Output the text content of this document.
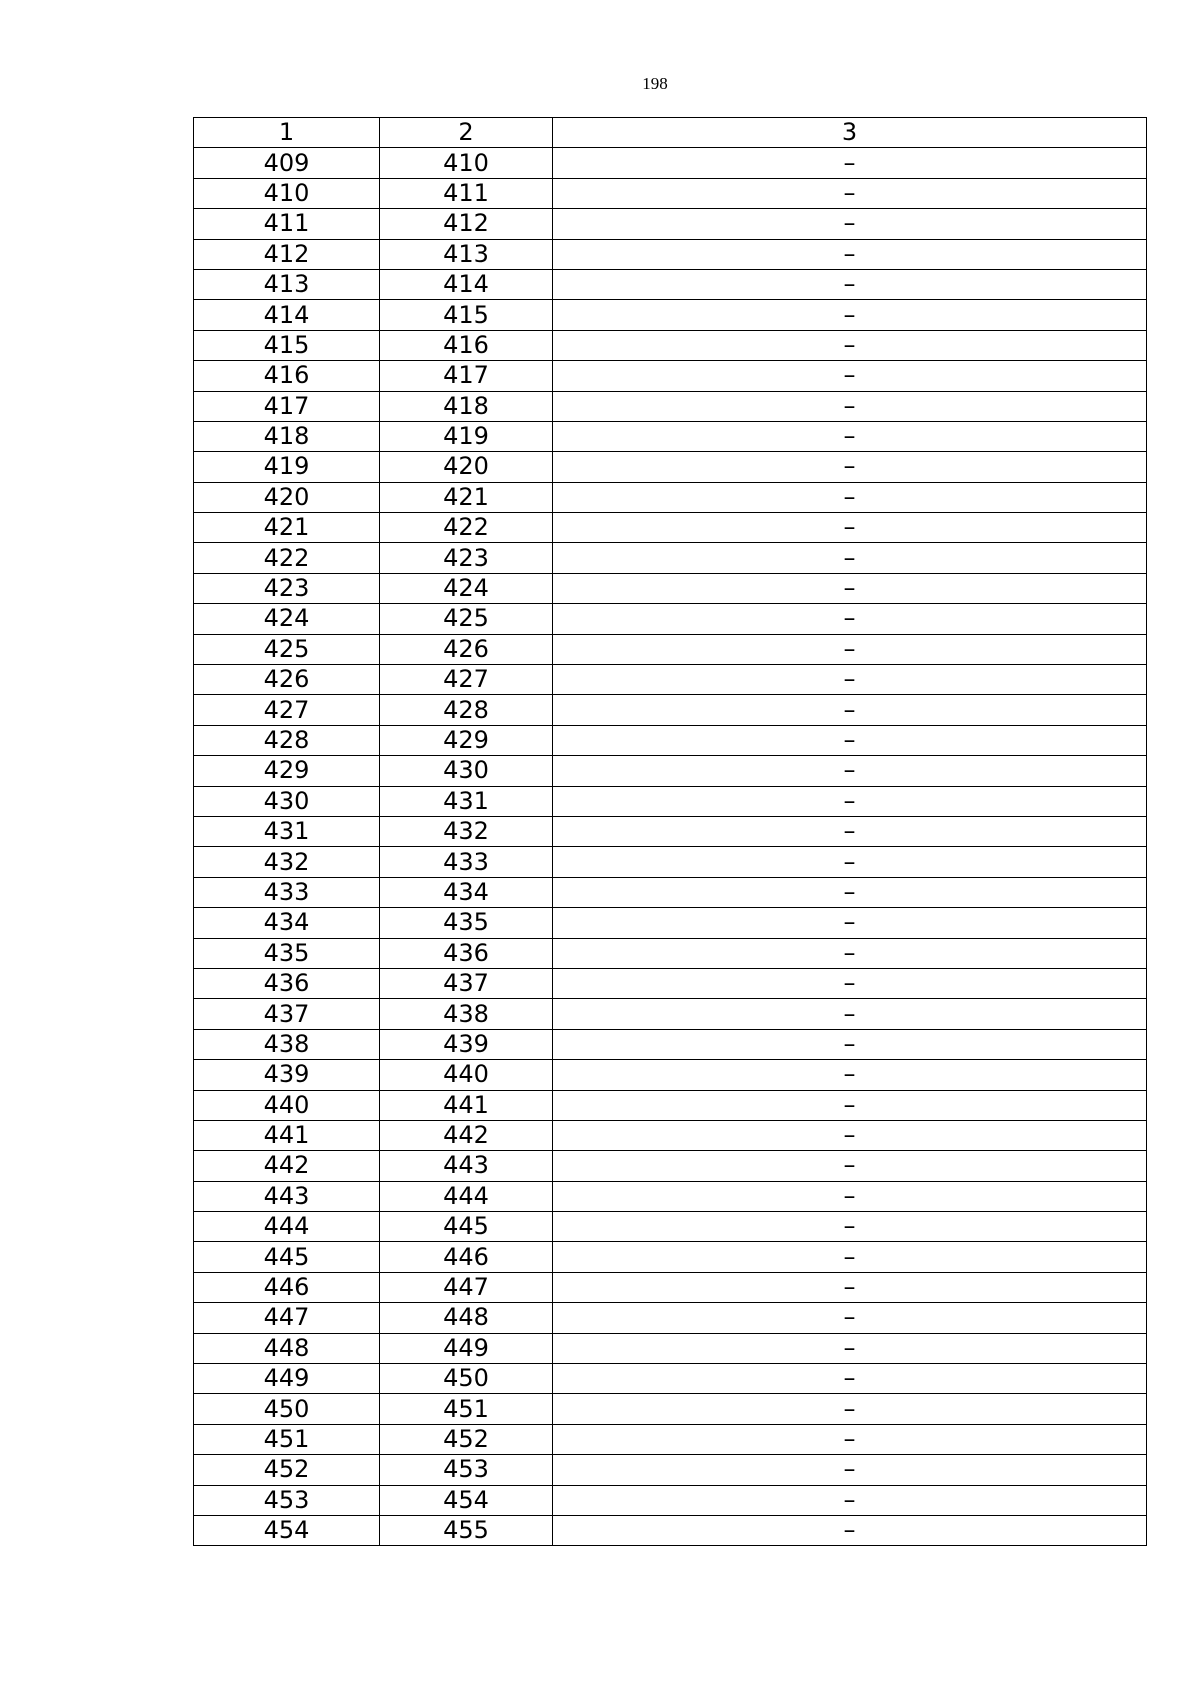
198
1	2	3
409	410	–
410	411	–
411	412	–
412	413	–
413	414	–
414	415	–
415	416	–
416	417	–
417	418	–
418	419	–
419	420	–
420	421	–
421	422	–
422	423	–
423	424	–
424	425	–
425	426	–
426	427	–
427	428	–
428	429	–
429	430	–
430	431	–
431	432	–
432	433	–
433	434	–
434	435	–
435	436	–
436	437	–
437	438	–
438	439	–
439	440	–
440	441	–
441	442	–
442	443	–
443	444	–
444	445	–
445	446	–
446	447	–
447	448	–
448	449	–
449	450	–
450	451	–
451	452	–
452	453	–
453	454	–
454	455	–
